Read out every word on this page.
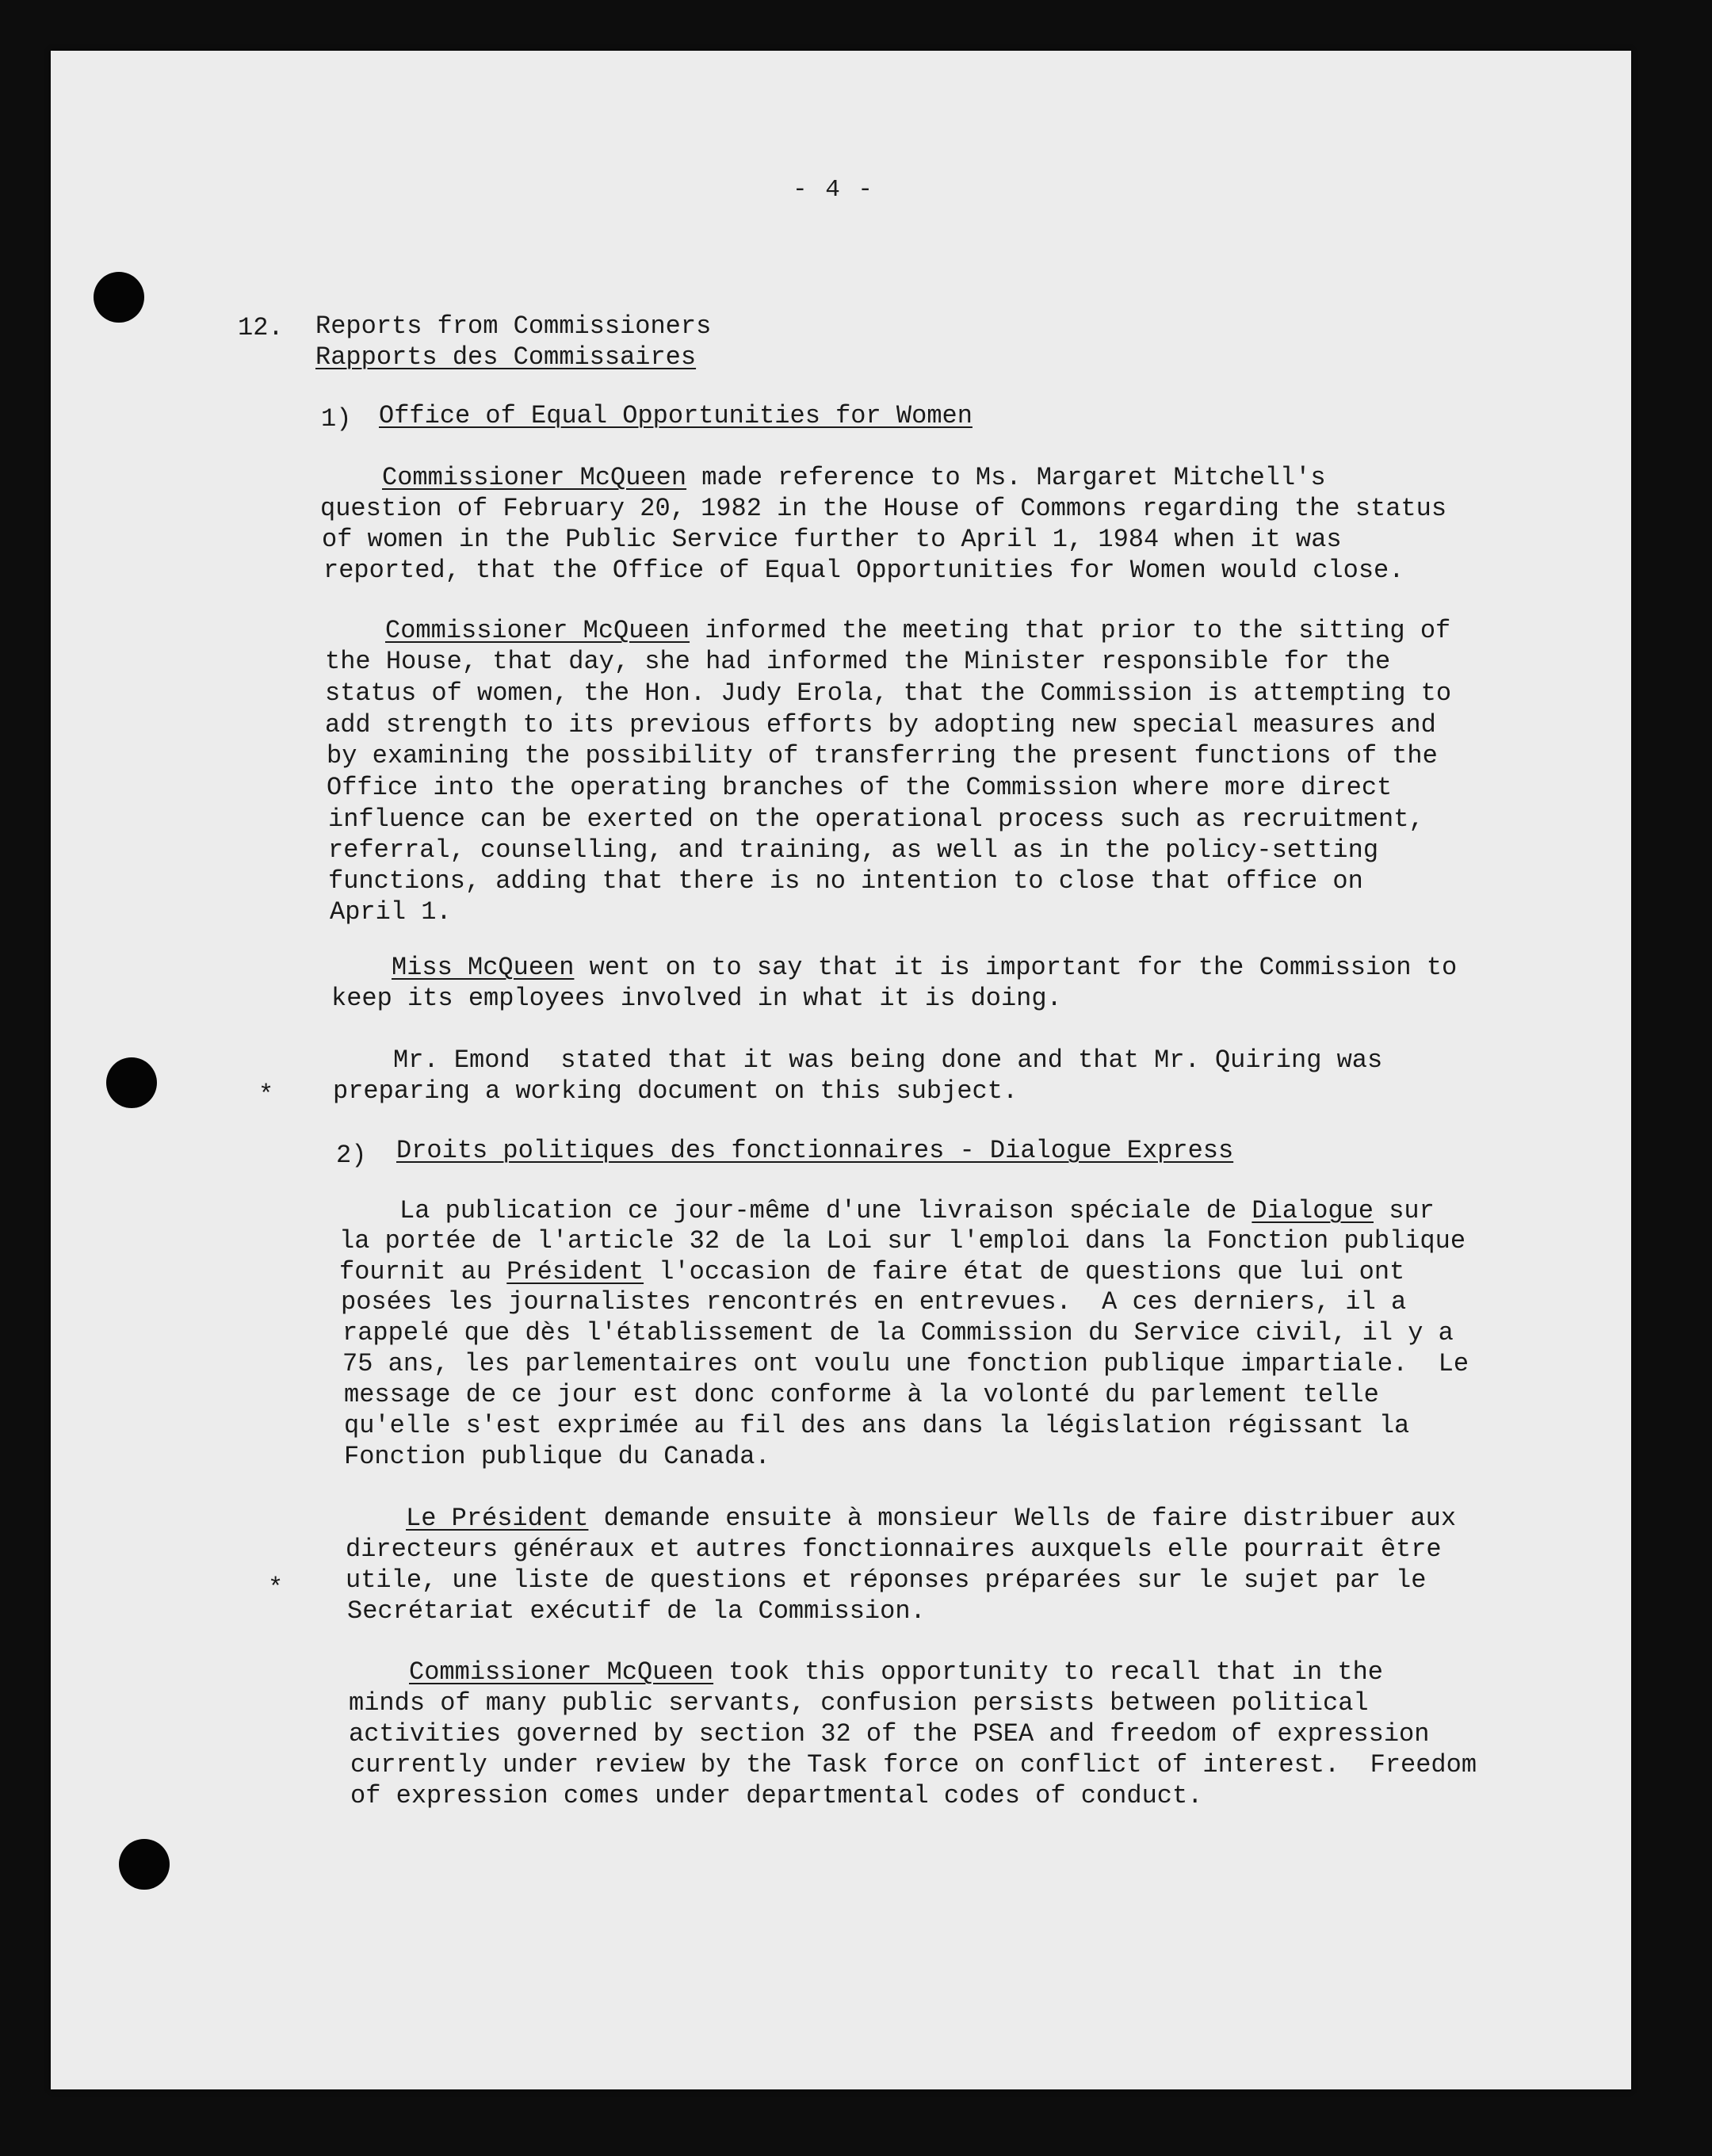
- 4 -
12. Reports from Commissioners
Rapports des Commissaires
1) Office of Equal Opportunities for Women
Commissioner McQueen made reference to Ms. Margaret Mitchell's
question of February 20, 1982 in the House of Commons regarding the status
of women in the Public Service further to April 1, 1984 when it was
reported, that the Office of Equal Opportunities for Women would close.
Commissioner McQueen informed the meeting that prior to the sitting of
the House, that day, she had informed the Minister responsible for the
status of women, the Hon. Judy Erola, that the Commission is attempting to
add strength to its previous efforts by adopting new special measures and
by examining the possibility of transferring the present functions of the
Office into the operating branches of the Commission where more direct
influence can be exerted on the operational process such as recruitment,
referral, counselling, and training, as well as in the policy-setting
functions, adding that there is no intention to close that office on
April 1.
Miss McQueen went on to say that it is important for the Commission to
keep its employees involved in what it is doing.
*
Mr. Emond  stated that it was being done and that Mr. Quiring was
preparing a working document on this subject.
2) Droits politiques des fonctionnaires - Dialogue Express
La publication ce jour-même d'une livraison spéciale de Dialogue sur
la portée de l'article 32 de la Loi sur l'emploi dans la Fonction publique
fournit au Président l'occasion de faire état de questions que lui ont
posées les journalistes rencontrés en entrevues.  A ces derniers, il a
rappelé que dès l'établissement de la Commission du Service civil, il y a
75 ans, les parlementaires ont voulu une fonction publique impartiale.  Le
message de ce jour est donc conforme à la volonté du parlement telle
qu'elle s'est exprimée au fil des ans dans la législation régissant la
Fonction publique du Canada.
Le Président demande ensuite à monsieur Wells de faire distribuer aux
directeurs généraux et autres fonctionnaires auxquels elle pourrait être
utile, une liste de questions et réponses préparées sur le sujet par le
Secrétariat exécutif de la Commission.
*
Commissioner McQueen took this opportunity to recall that in the
minds of many public servants, confusion persists between political
activities governed by section 32 of the PSEA and freedom of expression
currently under review by the Task force on conflict of interest.  Freedom
of expression comes under departmental codes of conduct.
